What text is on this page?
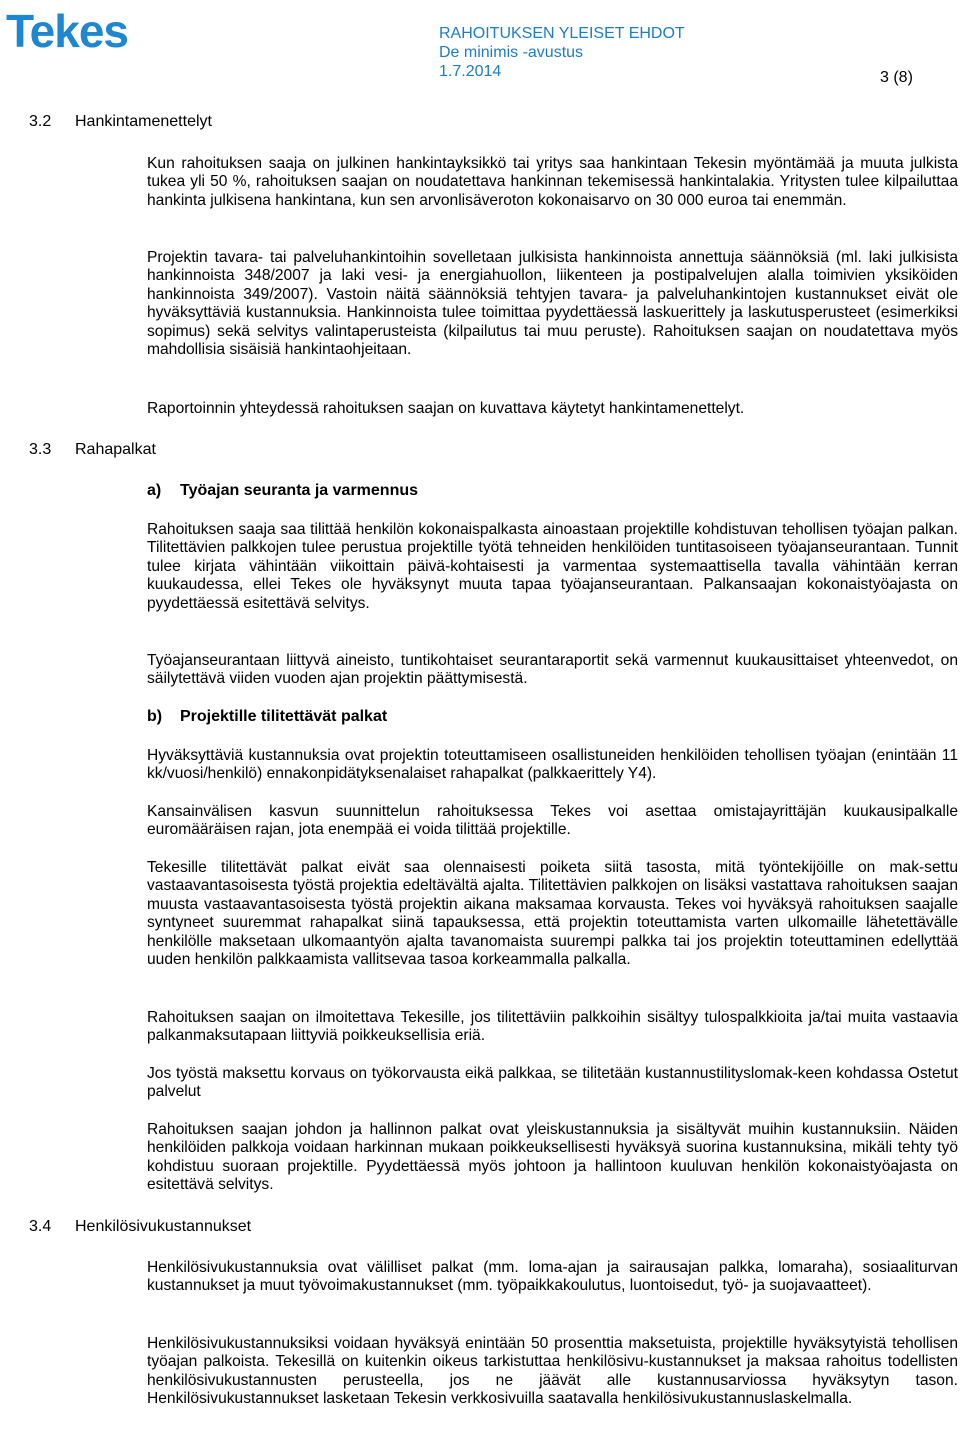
Tekes	RAHOITUKSEN YLEISET EHDOT
De minimis -avustus
1.7.2014	3 (8)
3.2 Hankintamenettelyt
3.3 Rahapalkat
3.4 Henkilösivukustannukset

Kun rahoituksen saaja on julkinen hankintayksikkö tai yritys saa hankintaan Tekesin myöntämää ja muuta julkista tukea yli 50 %, rahoituksen saajan on noudatettava hankinnan tekemisessä hankintalakia. Yritysten tulee kilpailuttaa hankinta julkisena hankintana, kun sen arvonlisäveroton kokonaisarvo on 30 000 euroa tai enemmän.

Projektin tavara- tai palveluhankintoihin sovelletaan julkisista hankinnoista annettuja säännöksiä (ml. laki julkisista hankinnoista 348/2007 ja laki vesi- ja energiahuollon, liikenteen ja postipalvelujen alalla toimivien yksiköiden hankinnoista 349/2007). Vastoin näitä säännöksiä tehtyjen tavara- ja palveluhankintojen kustannukset eivät ole hyväksyttäviä kustannuksia. Hankinnoista tulee toimittaa pyydettäessä laskuerittely ja laskutusperusteet (esimerkiksi sopimus) sekä selvitys valintaperusteista (kilpailutus tai muu peruste). Rahoituksen saajan on noudatettava myös mahdollisia sisäisiä hankintaohjeitaan.

Raportoinnin yhteydessä rahoituksen saajan on kuvattava käytetyt hankintamenettelyt.

a) Työajan seuranta ja varmennus

Rahoituksen saaja saa tilittää henkilön kokonaispalkasta ainoastaan projektille kohdistuvan tehollisen työajan palkan. Tilitettävien palkkojen tulee perustua projektille työtä tehneiden henkilöiden tuntitasoiseen työajanseurantaan. Tunnit tulee kirjata vähintään viikoittain päivä-kohtaisesti ja varmentaa systemaattisella tavalla vähintään kerran kuukaudessa, ellei Tekes ole hyväksynyt muuta tapaa työajanseurantaan. Palkansaajan kokonaistyöajasta on pyydettäessä esitettävä selvitys.

Työajanseurantaan liittyvä aineisto, tuntikohtaiset seurantaraportit sekä varmennut kuukausittaiset yhteenvedot, on säilytettävä viiden vuoden ajan projektin päättymisestä.

b) Projektille tilitettävät palkat

Hyväksyttäviä kustannuksia ovat projektin toteuttamiseen osallistuneiden henkilöiden tehollisen työajan (enintään 11 kk/vuosi/henkilö) ennakonpidätyksenalaiset rahapalkat (palkkaerittely Y4).

Kansainvälisen kasvun suunnittelun rahoituksessa Tekes voi asettaa omistajayrittäjän kuukausipalkalle euromääräisen rajan, jota enempää ei voida tilittää projektille.

Tekesille tilitettävät palkat eivät saa olennaisesti poiketa siitä tasosta, mitä työntekijöille on mak-settu vastaavantasoisesta työstä projektia edeltävältä ajalta. Tilitettävien palkkojen on lisäksi vastattava rahoituksen saajan muusta vastaavantasoisesta työstä projektin aikana maksamaa korvausta. Tekes voi hyväksyä rahoituksen saajalle syntyneet suuremmat rahapalkat siinä tapauksessa, että projektin toteuttamista varten ulkomaille lähetettävälle henkilölle maksetaan ulkomaantyön ajalta tavanomaista suurempi palkka tai jos projektin toteuttaminen edellyttää uuden henkilön palkkaamista vallitsevaa tasoa korkeammalla palkalla.

Rahoituksen saajan on ilmoitettava Tekesille, jos tilitettäviin palkkoihin sisältyy tulospalkkioita ja/tai muita vastaavia palkanmaksutapaan liittyviä poikkeuksellisia eriä.

Jos työstä maksettu korvaus on työkorvausta eikä palkkaa, se tilitetään kustannustilityslomak-keen kohdassa Ostetut palvelut

Rahoituksen saajan johdon ja hallinnon palkat ovat yleiskustannuksia ja sisältyvät muihin kustannuksiin. Näiden henkilöiden palkkoja voidaan harkinnan mukaan poikkeuksellisesti hyväksyä suorina kustannuksina, mikäli tehty työ kohdistuu suoraan projektille. Pyydettäessä myös johtoon ja hallintoon kuuluvan henkilön kokonaistyöajasta on esitettävä selvitys.

Henkilösivukustannuksia ovat välilliset palkat (mm. loma-ajan ja sairausajan palkka, lomaraha), sosiaaliturvan kustannukset ja muut työvoimakustannukset (mm. työpaikkakoulutus, luontoisedut, työ- ja suojavaatteet).

Henkilösivukustannuksiksi voidaan hyväksyä enintään 50 prosenttia maksetuista, projektille hyväksytyistä tehollisen työajan palkoista. Tekesillä on kuitenkin oikeus tarkistuttaa henkilösivu-kustannukset ja maksaa rahoitus todellisten henkilösivukustannusten perusteella, jos ne jäävät alle kustannusarviossa hyväksytyn tason. Henkilösivukustannukset lasketaan Tekesin verkkosivuilla saatavalla henkilösivukustannuslaskelmalla.
